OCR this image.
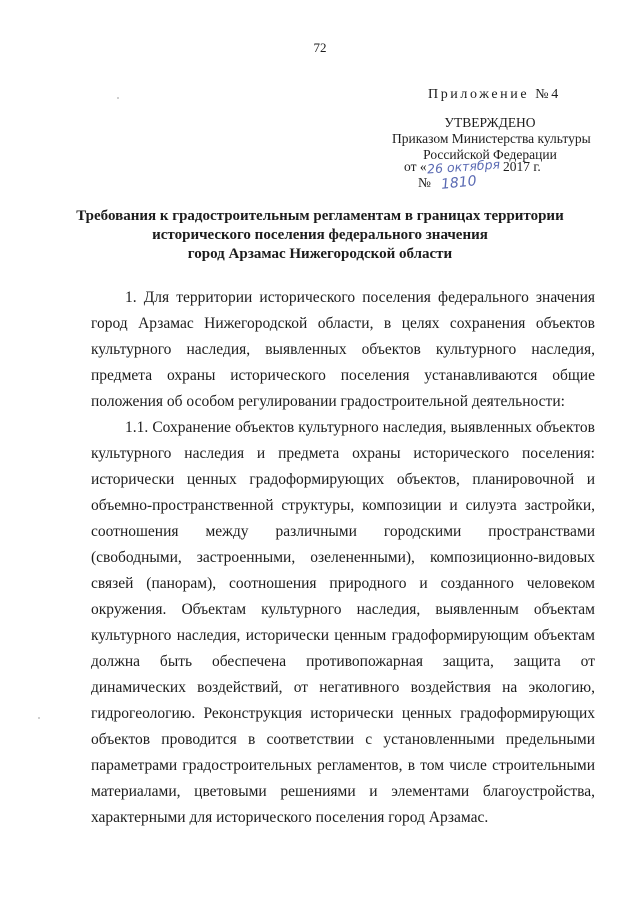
72
Приложение №4
УТВЕРЖДЕНО
Приказом Министерства культуры
Российской Федерации
от «26 октября 2017 г.
№ 1810
Требования к градостроительным регламентам в границах территории
исторического поселения федерального значения
город Арзамас Нижегородской области
1. Для территории исторического поселения федерального значения город Арзамас Нижегородской области, в целях сохранения объектов культурного наследия, выявленных объектов культурного наследия, предмета охраны исторического поселения устанавливаются общие положения об особом регулировании градостроительной деятельности:
1.1. Сохранение объектов культурного наследия, выявленных объектов культурного наследия и предмета охраны исторического поселения: исторически ценных градоформирующих объектов, планировочной и объемно-пространственной структуры, композиции и силуэта застройки, соотношения между различными городскими пространствами (свободными, застроенными, озелененными), композиционно-видовых связей (панорам), соотношения природного и созданного человеком окружения. Объектам культурного наследия, выявленным объектам культурного наследия, исторически ценным градоформирующим объектам должна быть обеспечена противопожарная защита, защита от динамических воздействий, от негативного воздействия на экологию, гидрогеологию. Реконструкция исторически ценных градоформирующих объектов проводится в соответствии с установленными предельными параметрами градостроительных регламентов, в том числе строительными материалами, цветовыми решениями и элементами благоустройства, характерными для исторического поселения город Арзамас.
